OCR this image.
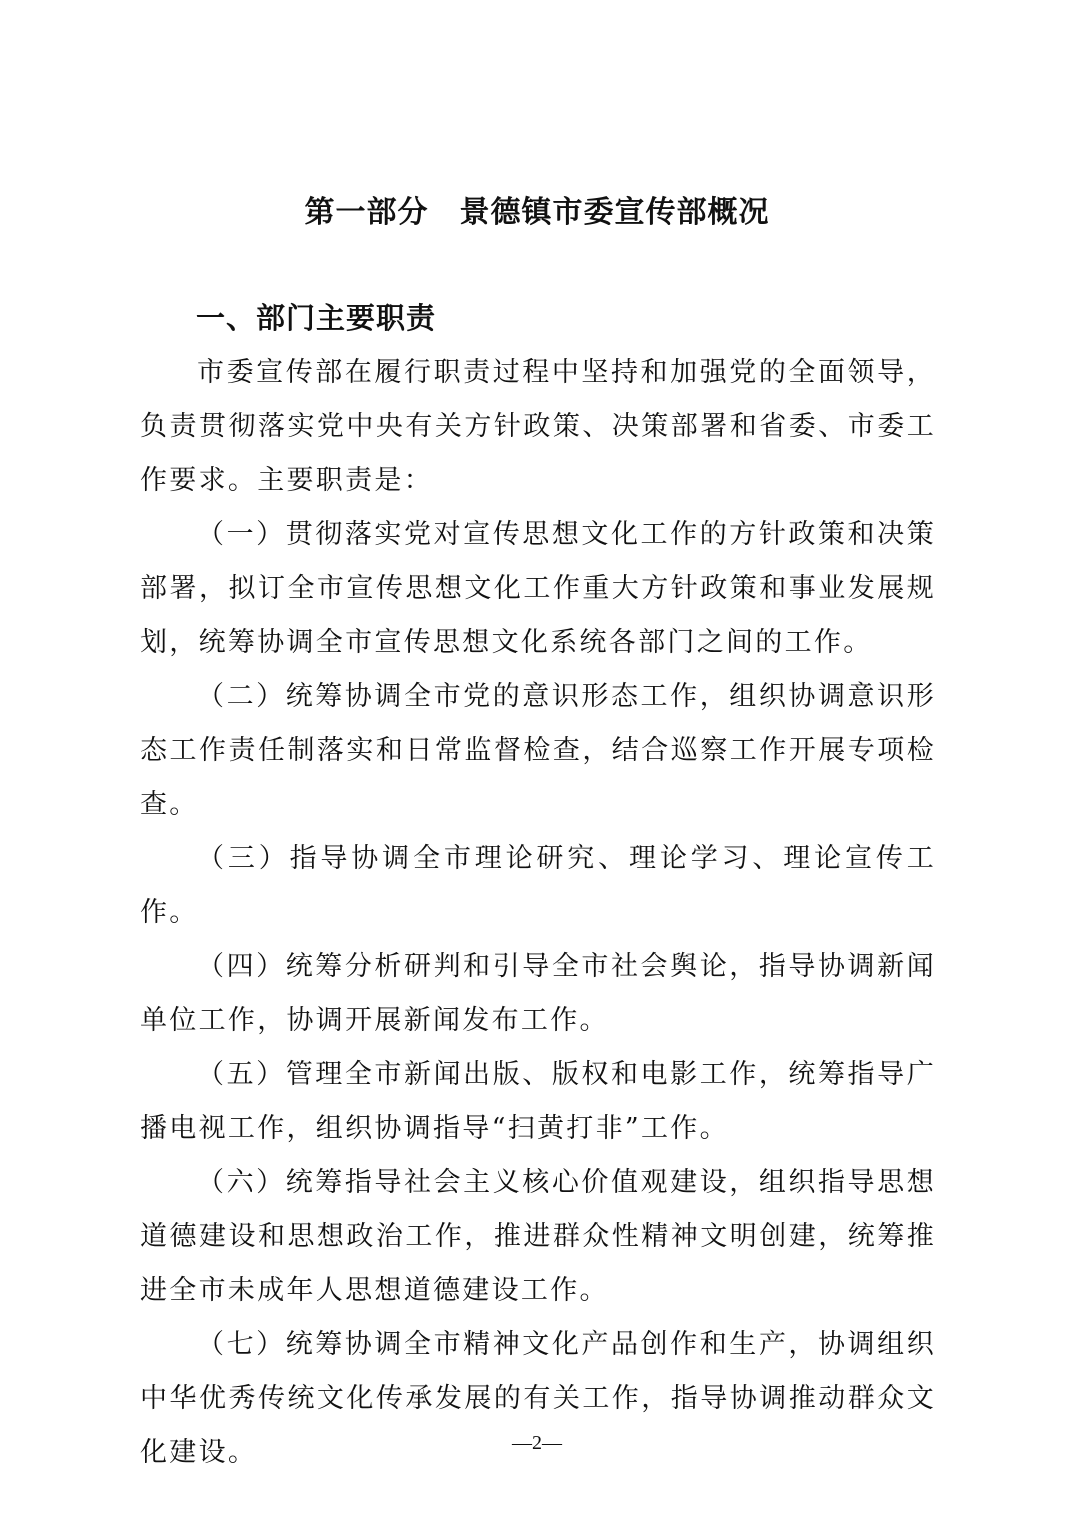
第一部分　景德镇市委宣传部概况
一、部门主要职责

市委宣传部在履行职责过程中坚持和加强党的全面领导，负责贯彻落实党中央有关方针政策、决策部署和省委、市委工作要求。主要职责是：

（一）贯彻落实党对宣传思想文化工作的方针政策和决策部署，拟订全市宣传思想文化工作重大方针政策和事业发展规划，统筹协调全市宣传思想文化系统各部门之间的工作。

（二）统筹协调全市党的意识形态工作，组织协调意识形态工作责任制落实和日常监督检查，结合巡察工作开展专项检查。

（三）指导协调全市理论研究、理论学习、理论宣传工作。

（四）统筹分析研判和引导全市社会舆论，指导协调新闻单位工作，协调开展新闻发布工作。

（五）管理全市新闻出版、版权和电影工作，统筹指导广播电视工作，组织协调指导“扫黄打非”工作。

（六）统筹指导社会主义核心价值观建设，组织指导思想道德建设和思想政治工作，推进群众性精神文明创建，统筹推进全市未成年人思想道德建设工作。

（七）统筹协调全市精神文化产品创作和生产，协调组织中华优秀传统文化传承发展的有关工作，指导协调推动群众文化建设。	—2—
